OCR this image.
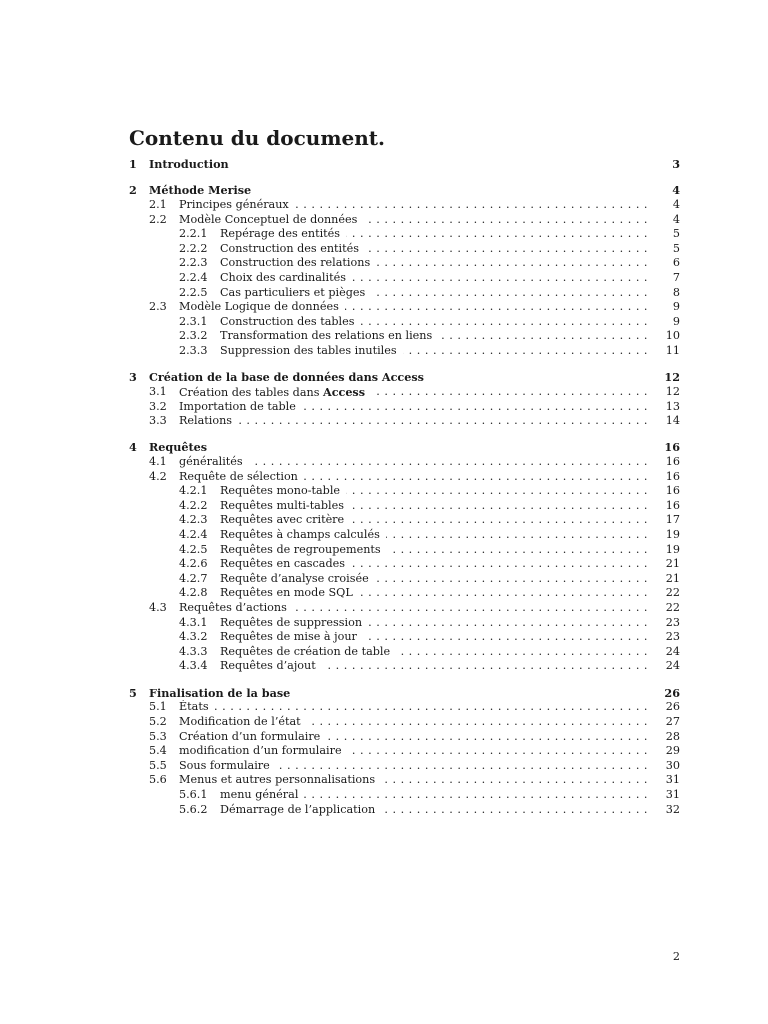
Contenu du document.
1 Introduction	3
2 Méthode Merise	4
2.1 Principes généraux . . .	4
2.2 Modèle Conceptuel de données . . .	4
2.2.1 Repérage des entités . . .	5
2.2.2 Construction des entités . . .	5
2.2.3 Construction des relations . . .	6
2.2.4 Choix des cardinalités . . .	7
2.2.5 Cas particuliers et pièges . . .	8
2.3 Modèle Logique de données . . .	9
2.3.1 Construction des tables . . .	9
2.3.2 Transformation des relations en liens . . .	10
2.3.3 Suppression des tables inutiles . . .	11
3 Création de la base de données dans Access	12
3.1 Création des tables dans Access . . .	12
3.2 Importation de table . . .	13
3.3 Relations . . .	14
4 Requêtes	16
4.1 généralités . . .	16
4.2 Requête de sélection . . .	16
4.2.1 Requêtes mono-table . . .	16
4.2.2 Requêtes multi-tables . . .	16
4.2.3 Requêtes avec critère . . .	17
4.2.4 Requêtes à champs calculés . . .	19
4.2.5 Requêtes de regroupements . . .	19
4.2.6 Requêtes en cascades . . .	21
4.2.7 Requête d’analyse croisée . . .	21
4.2.8 Requêtes en mode SQL . . .	22
4.3 Requêtes d’actions . . .	22
4.3.1 Requêtes de suppression . . .	23
4.3.2 Requêtes de mise à jour . . .	23
4.3.3 Requêtes de création de table . . .	24
4.3.4 Requêtes d’ajout . . .	24
5 Finalisation de la base	26
5.1 États . . .	26
5.2 Modification de l’état . . .	27
5.3 Création d’un formulaire . . .	28
5.4 modification d’un formulaire . . .	29
5.5 Sous formulaire . . .	30
5.6 Menus et autres personnalisations . . .	31
5.6.1 menu général . . .	31
5.6.2 Démarrage de l’application . . .	32
2
